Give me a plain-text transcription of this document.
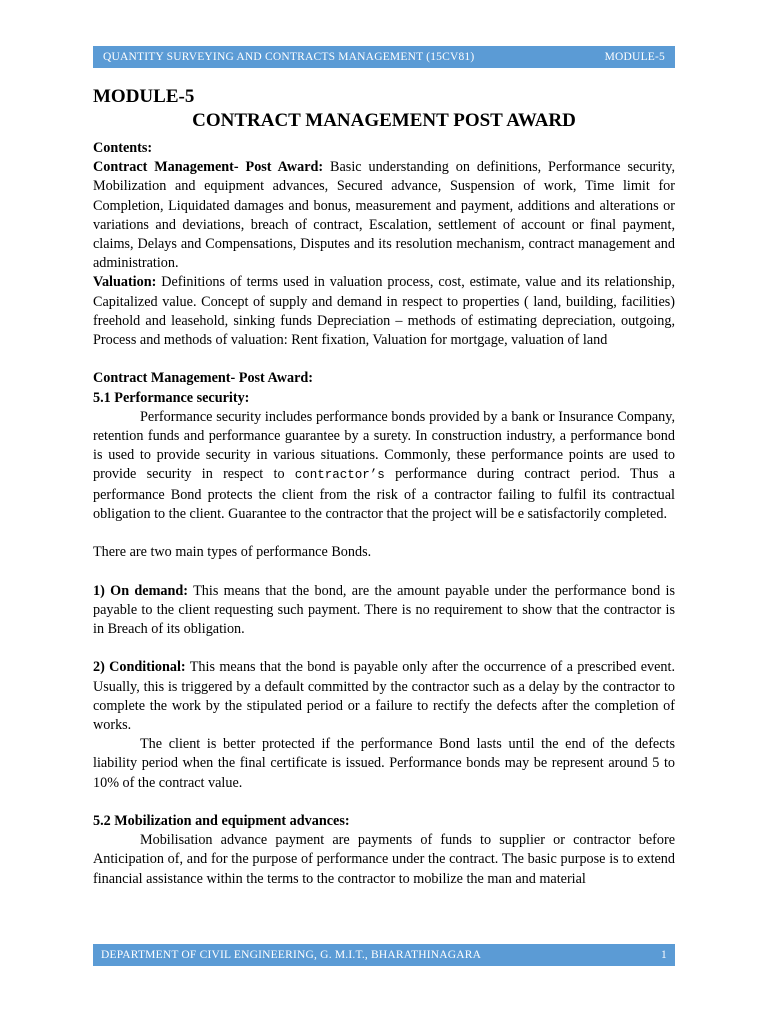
QUANTITY SURVEYING AND CONTRACTS MANAGEMENT (15CV81)	MODULE-5

MODULE-5

CONTRACT MANAGEMENT POST AWARD

Contents:

Contract Management- Post Award: Basic understanding on definitions, Performance security, Mobilization and equipment advances, Secured advance, Suspension of work, Time limit for Completion, Liquidated damages and bonus, measurement and payment, additions and alterations or variations and deviations, breach of contract, Escalation, settlement of account or final payment, claims, Delays and Compensations, Disputes and its resolution mechanism, contract management and administration.

Valuation: Definitions of terms used in valuation process, cost, estimate, value and its relationship, Capitalized value. Concept of supply and demand in respect to properties ( land, building, facilities) freehold and leasehold, sinking funds Depreciation – methods of estimating depreciation, outgoing, Process and methods of valuation: Rent fixation, Valuation for mortgage, valuation of land

Contract Management- Post Award:

5.1 Performance security:

Performance security includes performance bonds provided by a bank or Insurance Company, retention funds and performance guarantee by a surety. In construction industry, a performance bond is used to provide security in various situations. Commonly, these performance points are used to provide security in respect to contractor’s performance during contract period. Thus a performance Bond protects the client from the risk of a contractor failing to fulfil its contractual obligation to the client. Guarantee to the contractor that the project will be e satisfactorily completed.

There are two main types of performance Bonds.

1) On demand: This means that the bond, are the amount payable under the performance bond is payable to the client requesting such payment. There is no requirement to show that the contractor is in Breach of its obligation.

2) Conditional: This means that the bond is payable only after the occurrence of a prescribed event. Usually, this is triggered by a default committed by the contractor such as a delay by the contractor to complete the work by the stipulated period or a failure to rectify the defects after the completion of works.

The client is better protected if the performance Bond lasts until the end of the defects liability period when the final certificate is issued. Performance bonds may be represent around 5 to 10% of the contract value.

5.2 Mobilization and equipment advances:

Mobilisation advance payment are payments of funds to supplier or contractor before Anticipation of, and for the purpose of performance under the contract. The basic purpose is to extend financial assistance within the terms to the contractor to mobilize the man and material

DEPARTMENT OF CIVIL ENGINEERING, G. M.I.T., BHARATHINAGARA	1
